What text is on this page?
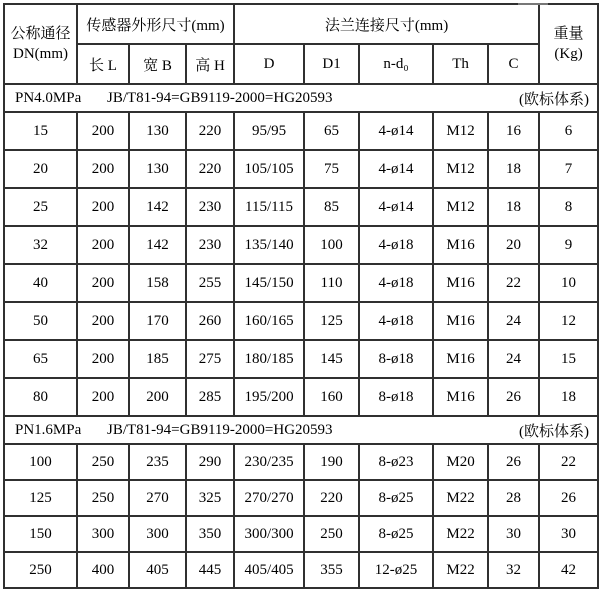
公称通径
DN(mm)
	传感器外形尺寸(mm)	法兰连接尺寸(mm)	
重量
(Kg)

	长 L	宽 B	高 H	D	D1	n-d₀	Th	C	

PN4.0MPa JB/T81-94=GB9119-2000=HG20593 (欧标体系)									

15	200	130	220	95/95	65	4-ø14	M12	16	6
20	200	130	220	105/105	75	4-ø14	M12	18	7
25	200	142	230	115/115	85	4-ø14	M12	18	8
32	200	142	230	135/140	100	4-ø18	M16	20	9
40	200	158	255	145/150	110	4-ø18	M16	22	10
50	200	170	260	160/165	125	4-ø18	M16	24	12
65	200	185	275	180/185	145	8-ø18	M16	24	15
80	200	200	285	195/200	160	8-ø18	M16	26	18

PN1.6MPa JB/T81-94=GB9119-2000=HG20593 (欧标体系)									

100	250	235	290	230/235	190	8-ø23	M20	26	22
125	250	270	325	270/270	220	8-ø25	M22	28	26
150	300	300	350	300/300	250	8-ø25	M22	30	30
250	400	405	445	405/405	355	12-ø25	M22	32	42
